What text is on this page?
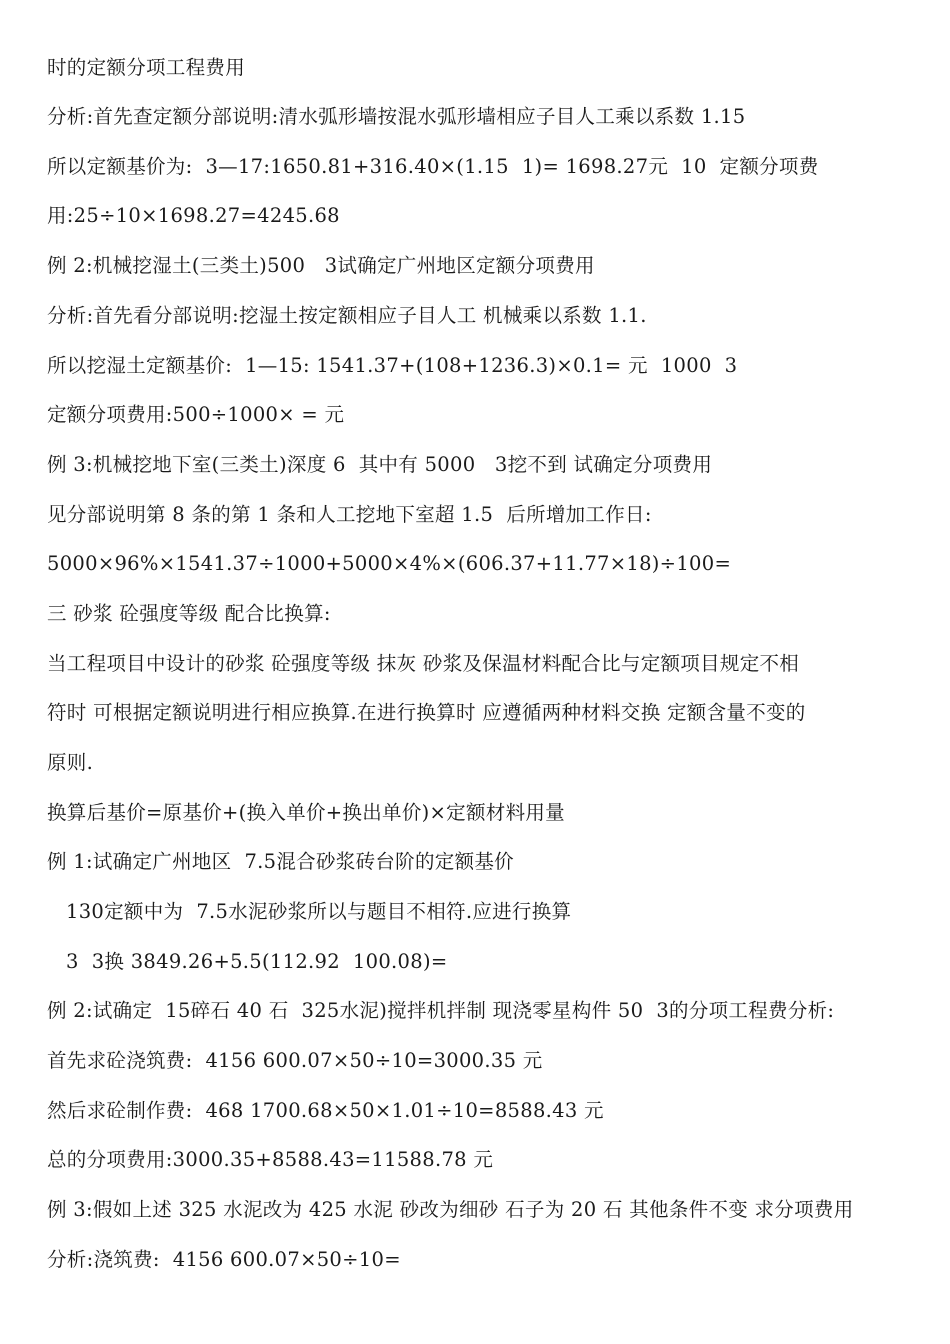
时的定额分项工程费用
分析:首先查定额分部说明:清水弧形墙按混水弧形墙相应子目人工乘以系数 1.15
所以定额基价为:  3—17:1650.81+316.40×(1.15  1)= 1698.27元  10  定额分项费
用:25÷10×1698.27=4245.68
例 2:机械挖湿土(三类土)500   3试确定广州地区定额分项费用
分析:首先看分部说明:挖湿土按定额相应子目人工 机械乘以系数 1.1.
所以挖湿土定额基价:  1—15: 1541.37+(108+1236.3)×0.1= 元  1000  3
定额分项费用:500÷1000× = 元
例 3:机械挖地下室(三类土)深度 6  其中有 5000   3挖不到 试确定分项费用
见分部说明第 8 条的第 1 条和人工挖地下室超 1.5  后所增加工作日:
5000×96%×1541.37÷1000+5000×4%×(606.37+11.77×18)÷100=
三 砂浆 砼强度等级 配合比换算:
当工程项目中设计的砂浆 砼强度等级 抹灰 砂浆及保温材料配合比与定额项目规定不相
符时 可根据定额说明进行相应换算.在进行换算时 应遵循两种材料交换 定额含量不变的
原则.
换算后基价=原基价+(换入单价+换出单价)×定额材料用量
例 1:试确定广州地区  7.5混合砂浆砖台阶的定额基价
130定额中为  7.5水泥砂浆所以与题目不相符.应进行换算
3  3换 3849.26+5.5(112.92  100.08)=
例 2:试确定  15碎石 40 石  325水泥)搅拌机拌制 现浇零星构件 50  3的分项工程费分析:
首先求砼浇筑费:  4156 600.07×50÷10=3000.35 元
然后求砼制作费:  468 1700.68×50×1.01÷10=8588.43 元
总的分项费用:3000.35+8588.43=11588.78 元
例 3:假如上述 325 水泥改为 425 水泥 砂改为细砂 石子为 20 石 其他条件不变 求分项费用
分析:浇筑费:  4156 600.07×50÷10=
